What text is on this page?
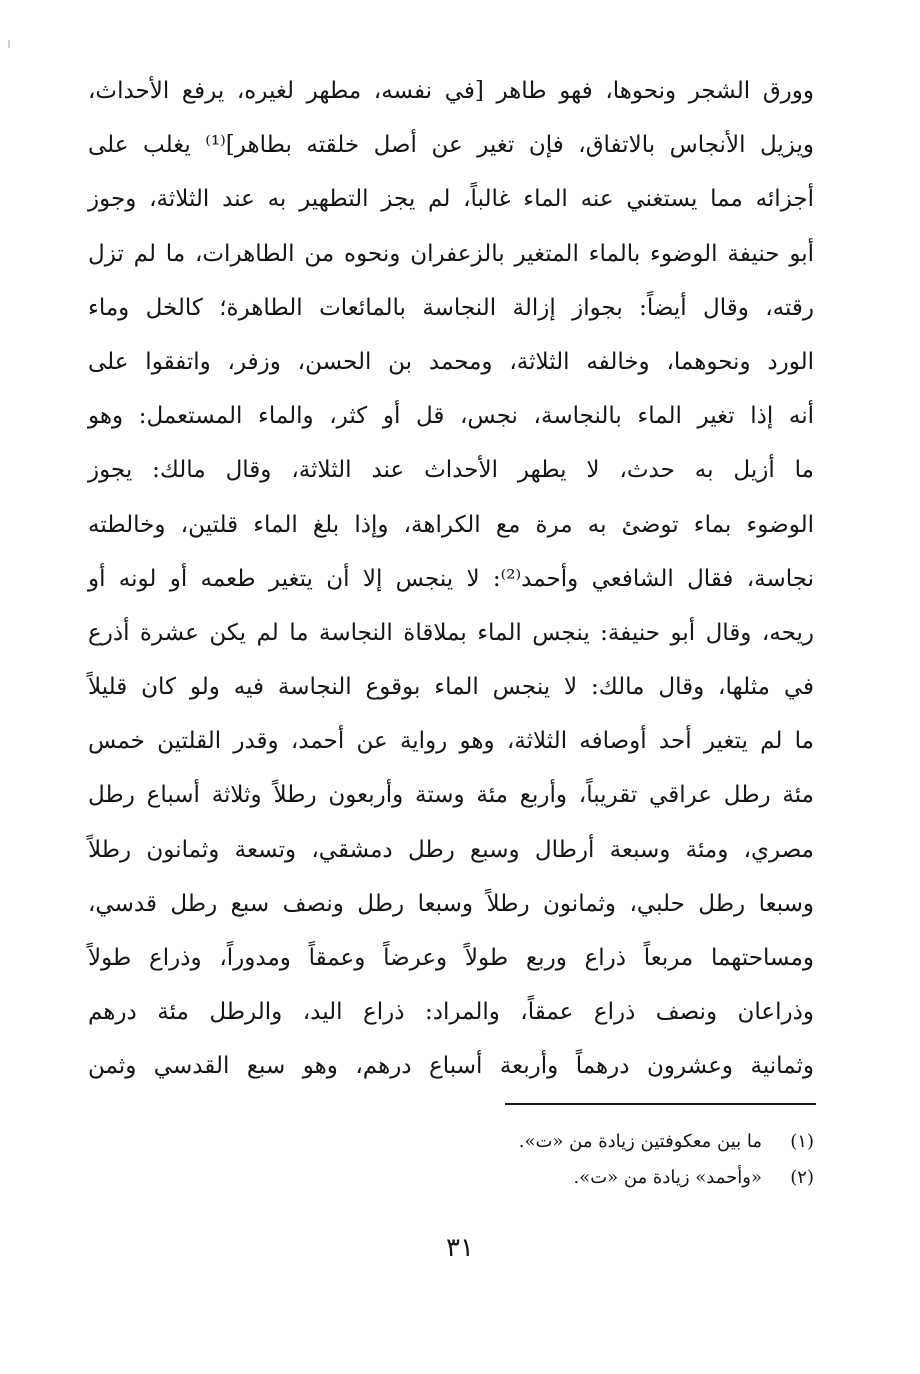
وورق الشجر ونحوها، فهو طاهر [في نفسه، مطهر لغيره، يرفع الأحداث،
ويزيل الأنجاس بالاتفاق، فإن تغير عن أصل خلقته بطاهر]⁽¹⁾ يغلب على
أجزائه مما يستغني عنه الماء غالباً، لم يجز التطهير به عند الثلاثة، وجوز
أبو حنيفة الوضوء بالماء المتغير بالزعفران ونحوه من الطاهرات، ما لم تزل
رقته، وقال أيضاً: بجواز إزالة النجاسة بالمائعات الطاهرة؛ كالخل وماء
الورد ونحوهما، وخالفه الثلاثة، ومحمد بن الحسن، وزفر، واتفقوا على
أنه إذا تغير الماء بالنجاسة، نجس، قل أو كثر، والماء المستعمل: وهو
ما أزيل به حدث، لا يطهر الأحداث عند الثلاثة، وقال مالك: يجوز
الوضوء بماء توضئ به مرة مع الكراهة، وإذا بلغ الماء قلتين، وخالطته
نجاسة، فقال الشافعي وأحمد⁽²⁾: لا ينجس إلا أن يتغير طعمه أو لونه أو
ريحه، وقال أبو حنيفة: ينجس الماء بملاقاة النجاسة ما لم يكن عشرة أذرع
في مثلها، وقال مالك: لا ينجس الماء بوقوع النجاسة فيه ولو كان قليلاً
ما لم يتغير أحد أوصافه الثلاثة، وهو رواية عن أحمد، وقدر القلتين خمس
مئة رطل عراقي تقريباً، وأربع مئة وستة وأربعون رطلاً وثلاثة أسباع رطل
مصري، ومئة وسبعة أرطال وسبع رطل دمشقي، وتسعة وثمانون رطلاً
وسبعا رطل حلبي، وثمانون رطلاً وسبعا رطل ونصف سبع رطل قدسي،
ومساحتهما مربعاً ذراع وربع طولاً وعرضاً وعمقاً ومدوراً، وذراع طولاً
وذراعان ونصف ذراع عمقاً، والمراد: ذراع اليد، والرطل مئة درهم
وثمانية وعشرون درهماً وأربعة أسباع درهم، وهو سبع القدسي وثمن
(١)
ما بين معكوفتين زيادة من «ت».
(٢)
«وأحمد» زيادة من «ت».
٣١
